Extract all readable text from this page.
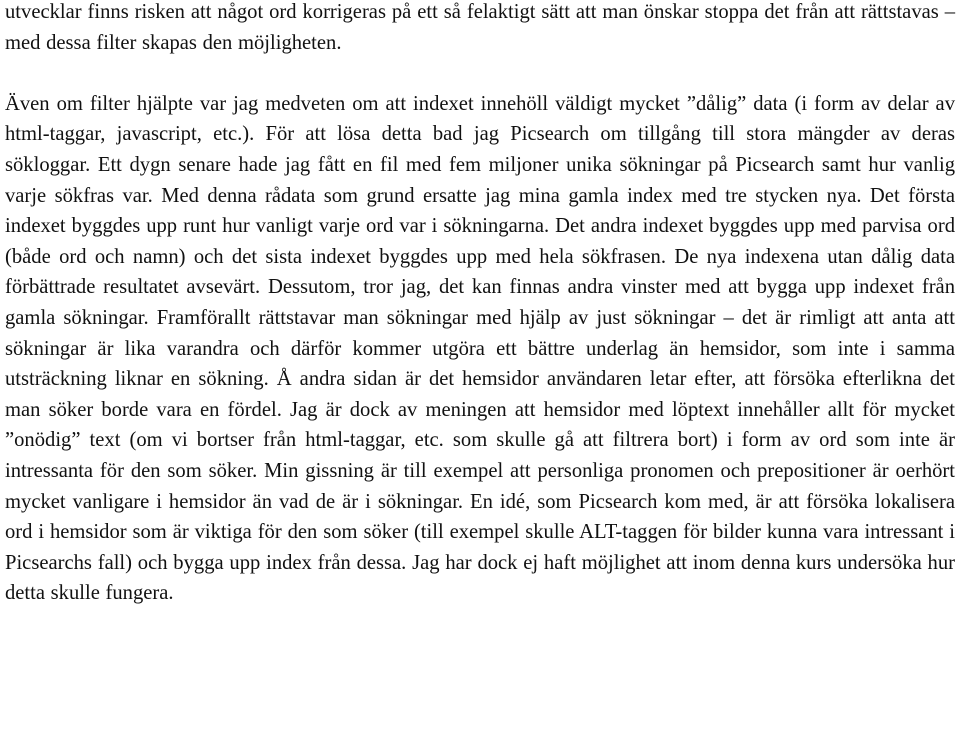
utvecklar finns risken att något ord korrigeras på ett så felaktigt sätt att man önskar stoppa det från att rättstavas – med dessa filter skapas den möjligheten.

Även om filter hjälpte var jag medveten om att indexet innehöll väldigt mycket ”dålig” data (i form av delar av html-taggar, javascript, etc.). För att lösa detta bad jag Picsearch om tillgång till stora mängder av deras sökloggar. Ett dygn senare hade jag fått en fil med fem miljoner unika sökningar på Picsearch samt hur vanlig varje sökfras var. Med denna rådata som grund ersatte jag mina gamla index med tre stycken nya. Det första indexet byggdes upp runt hur vanligt varje ord var i sökningarna. Det andra indexet byggdes upp med parvisa ord (både ord och namn) och det sista indexet byggdes upp med hela sökfrasen. De nya indexena utan dålig data förbättrade resultatet avsevärt. Dessutom, tror jag, det kan finnas andra vinster med att bygga upp indexet från gamla sökningar. Framförallt rättstavar man sökningar med hjälp av just sökningar – det är rimligt att anta att sökningar är lika varandra och därför kommer utgöra ett bättre underlag än hemsidor, som inte i samma utsträckning liknar en sökning. Å andra sidan är det hemsidor användaren letar efter, att försöka efterlikna det man söker borde vara en fördel. Jag är dock av meningen att hemsidor med löptext innehåller allt för mycket ”onödig” text (om vi bortser från html-taggar, etc. som skulle gå att filtrera bort) i form av ord som inte är intressanta för den som söker. Min gissning är till exempel att personliga pronomen och prepositioner är oerhört mycket vanligare i hemsidor än vad de är i sökningar. En idé, som Picsearch kom med, är att försöka lokalisera ord i hemsidor som är viktiga för den som söker (till exempel skulle ALT-taggen för bilder kunna vara intressant i Picsearchs fall) och bygga upp index från dessa. Jag har dock ej haft möjlighet att inom denna kurs undersöka hur detta skulle fungera.
